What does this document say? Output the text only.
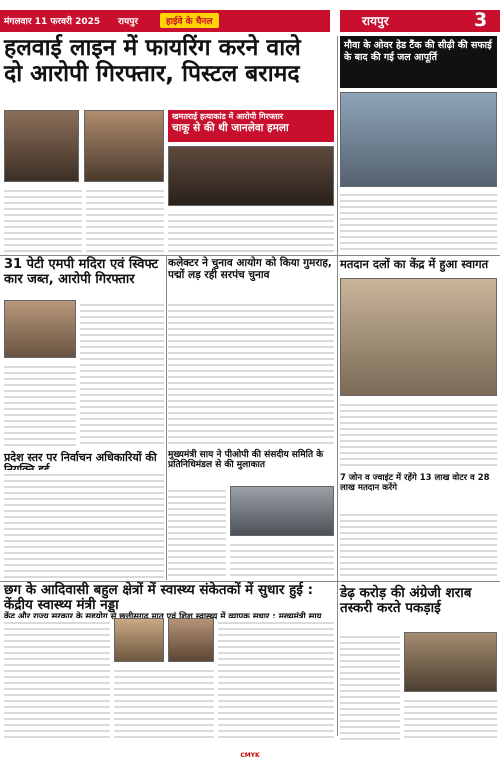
मंगलवार 11 फरवरी 2025 रायपुर	हाईवे के चैनल	रायपुर	3
हलवाई लाइन में फायरिंग करने वाले
दो आरोपी गिरफ्तार, पिस्टल बरामद
मौवा के ओवर हेड टैंक की सीढ़ी की सफाई के बाद की गई जल आपूर्ति
खमतराई हत्याकांड में आरोपी गिरफ्तार
चाकू से की थी जानलेवा हमला
31 पेटी एमपी मदिरा एवं स्विफ्ट कार जब्त, आरोपी गिरफ्तार
कलेक्टर ने चुनाव आयोग को किया गुमराह, पद्मों लड़ रही सरपंच चुनाव
मतदान दलों का केंद्र में हुआ स्वागत
प्रदेश स्तर पर निर्वाचन अधिकारियों की	मुख्यमंत्री साय ने पीओपी की संसदीय समिति के प्रतिनिधिमंडल से की मुलाकात
7 जोन व ज्वाइंट में रहेंगे 13 लाख वोटर व 28 लाख मतदान करेंगे
छग के आदिवासी बहुल क्षेत्रों में स्वास्थ्य संकेतकों में सुधार हुई : केंद्रीय स्वास्थ्य मंत्री नड्डा
डेढ़ करोड़ की अंग्रेजी शराब तस्करी करते पकड़ाई
CMYK
